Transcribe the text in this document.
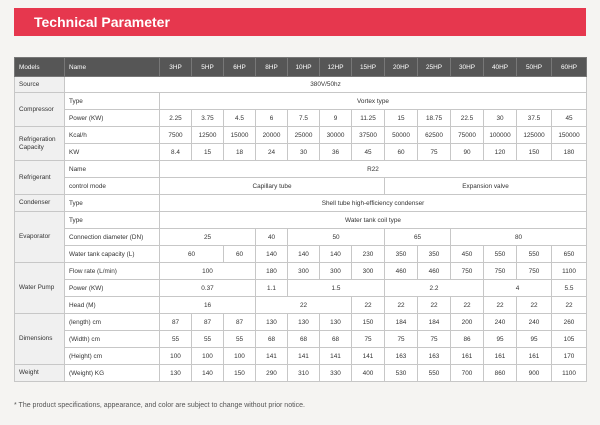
Technical Parameter
Models	Name	3HP	5HP	6HP	8HP	10HP	12HP	15HP	20HP	25HP	30HP	40HP	50HP	60HP
Source	380V/50hz													
Compressor	Type	Vortex type												
	Power (KW)	2.25	3.75	4.5	6	7.5	9	11.25	15	18.75	22.5	30	37.5	45
Refrigeration Capacity	Kcal/h	7500	12500	15000	20000	25000	30000	37500	50000	62500	75000	100000	125000	150000
	KW	8.4	15	18	24	30	36	45	60	75	90	120	150	180
Refrigerant	Name	R22												
	control mode	Capillary tube							Expansion valve					
Condenser	Type	Shell tube high-efficiency condenser												
Evaporator	Type	Water tank coil type												
	Connection diameter (DN)	25			40	50			65		80			
	Water tank capacity (L)	60		60	140	140	140	230	350	350	450	550	550	650
Water Pump	Flow rate (L/min)	100			180	300	300	300	460	460	750	750	750	1100
	Power (KW)	0.37			1.1	1.5			2.2			4		5.5
	Head (M)	16			22			22	22	22	22	22	22	22
Dimensions	(length) cm	87	87	87	130	130	130	150	184	184	200	240	240	260
	(Width) cm	55	55	55	68	68	68	75	75	75	86	95	95	105
	(Height) cm	100	100	100	141	141	141	141	163	163	161	161	161	170
Weight	(Weight) KG	130	140	150	290	310	330	400	530	550	700	860	900	1100
* The product specifications, appearance, and color are subject to change without prior notice.
